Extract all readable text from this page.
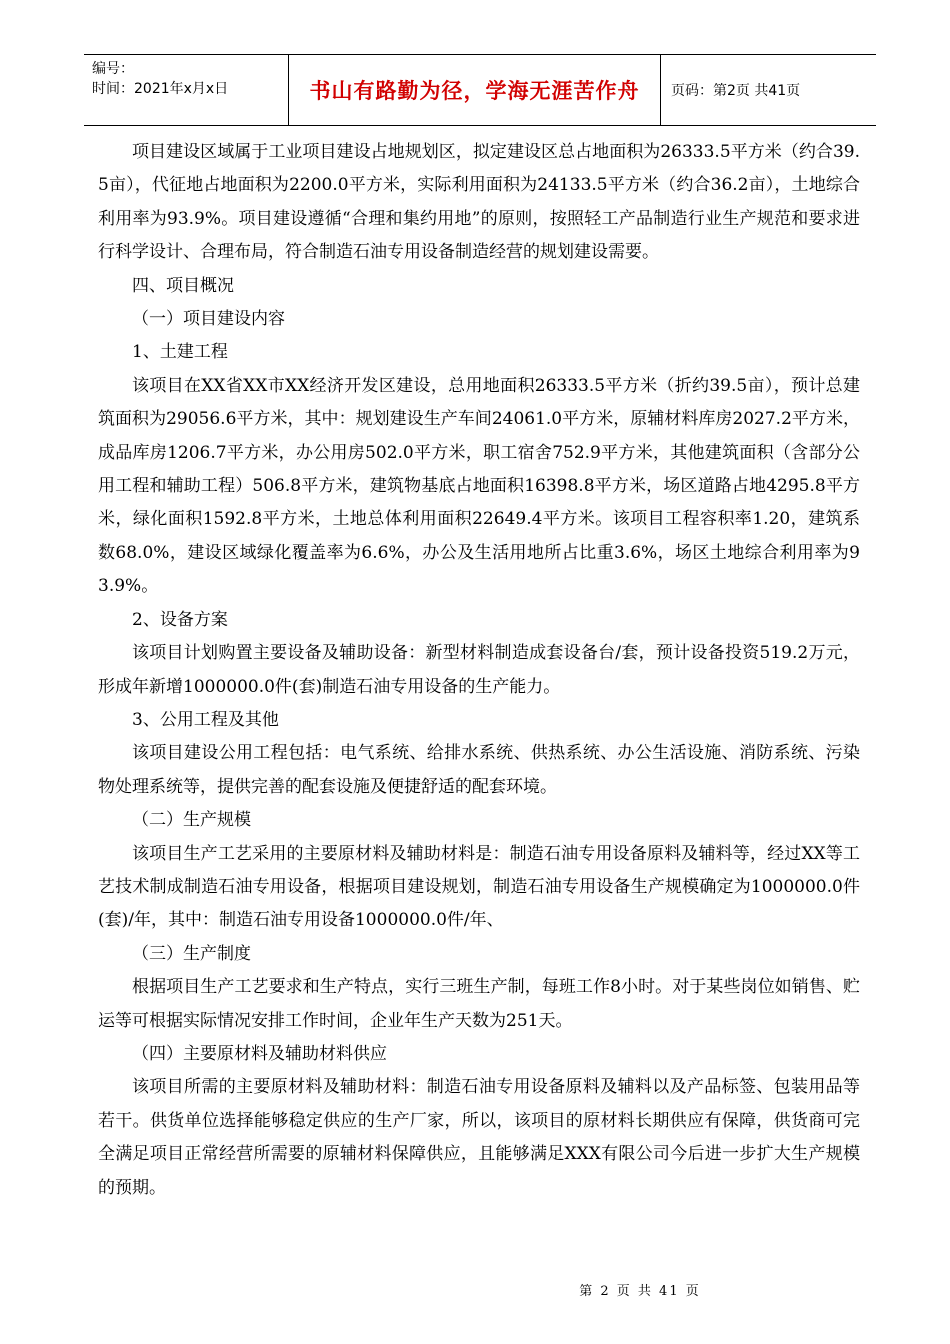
编号：
时间：2021年x月x日	书山有路勤为径，学海无涯苦作舟	页码：第2页 共41页

项目建设区域属于工业项目建设占地规划区，拟定建设区总占地面积为26333.5平方米（约合39.5亩），代征地占地面积为2200.0平方米，实际利用面积为24133.5平方米（约合36.2亩），土地综合利用率为93.9%。项目建设遵循“合理和集约用地”的原则，按照轻工产品制造行业生产规范和要求进行科学设计、合理布局，符合制造石油专用设备制造经营的规划建设需要。

四、项目概况

（一）项目建设内容

1、土建工程

该项目在XX省XX市XX经济开发区建设，总用地面积26333.5平方米（折约39.5亩），预计总建筑面积为29056.6平方米，其中：规划建设生产车间24061.0平方米，原辅材料库房2027.2平方米，成品库房1206.7平方米，办公用房502.0平方米，职工宿舍752.9平方米，其他建筑面积（含部分公用工程和辅助工程）506.8平方米，建筑物基底占地面积16398.8平方米，场区道路占地4295.8平方米，绿化面积1592.8平方米，土地总体利用面积22649.4平方米。该项目工程容积率1.20，建筑系数68.0%，建设区域绿化覆盖率为6.6%，办公及生活用地所占比重3.6%，场区土地综合利用率为93.9%。

2、设备方案

该项目计划购置主要设备及辅助设备：新型材料制造成套设备台/套，预计设备投资519.2万元，形成年新增1000000.0件(套)制造石油专用设备的生产能力。

3、公用工程及其他

该项目建设公用工程包括：电气系统、给排水系统、供热系统、办公生活设施、消防系统、污染物处理系统等，提供完善的配套设施及便捷舒适的配套环境。

（二）生产规模

该项目生产工艺采用的主要原材料及辅助材料是：制造石油专用设备原料及辅料等，经过XX等工艺技术制成制造石油专用设备，根据项目建设规划，制造石油专用设备生产规模确定为1000000.0件(套)/年，其中：制造石油专用设备1000000.0件/年、

（三）生产制度

根据项目生产工艺要求和生产特点，实行三班生产制，每班工作8小时。对于某些岗位如销售、贮运等可根据实际情况安排工作时间，企业年生产天数为251天。

（四）主要原材料及辅助材料供应

该项目所需的主要原材料及辅助材料：制造石油专用设备原料及辅料以及产品标签、包装用品等若干。供货单位选择能够稳定供应的生产厂家，所以，该项目的原材料长期供应有保障，供货商可完全满足项目正常经营所需要的原辅材料保障供应，且能够满足XXX有限公司今后进一步扩大生产规模的预期。

第 2 页 共 41 页
